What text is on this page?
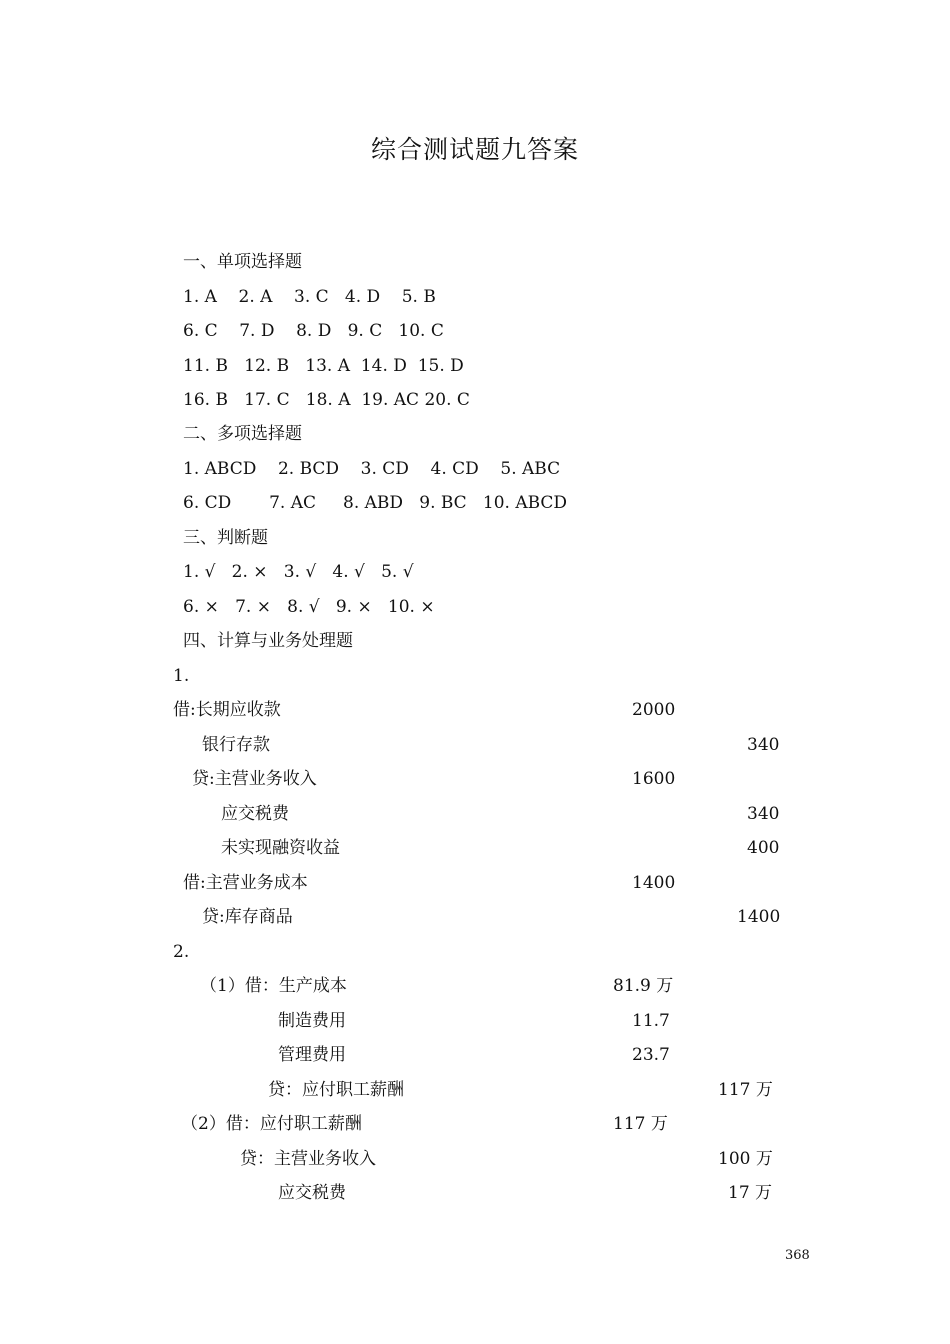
综合测试题九答案
一、单项选择题
1. A    2. A    3. C   4. D    5. B
6. C    7. D    8. D   9. C   10. C
11. B   12. B   13. A  14. D  15. D
16. B   17. C   18. A  19. AC 20. C
二、多项选择题
1. ABCD    2. BCD    3. CD    4. CD    5. ABC
6. CD       7. AC     8. ABD   9. BC   10. ABCD
三、判断题
1. √   2. ×   3. √   4. √   5. √
6. ×   7. ×   8. √   9. ×   10. ×
四、计算与业务处理题
1.
借:长期应收款	2000
银行存款	340
贷:主营业务收入	1600
应交税费	340
未实现融资收益	400
借:主营业务成本	1400
贷:库存商品	1400
2.
（1）借：生产成本	81.9 万
制造费用	11.7
管理费用	23.7
贷：应付职工薪酬	117 万
（2）借：应付职工薪酬	117 万
贷：主营业务收入	100 万
应交税费	17 万
368
